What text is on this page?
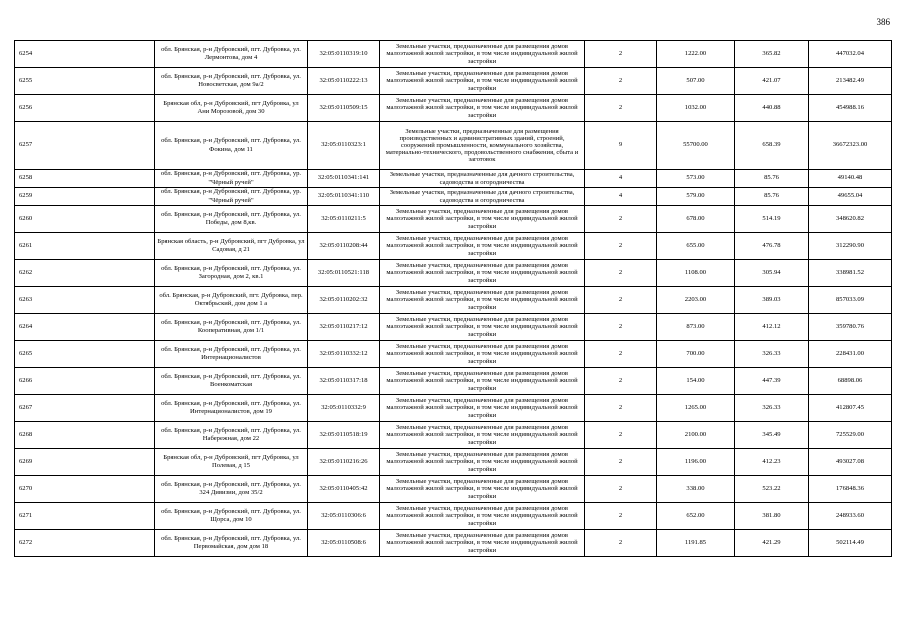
386
6254	обл. Брянская, р-н Дубровский, пгт. Дубровка, ул. Лермонтова, дом 4	32:05:0110319:10	Земельные участки, предназначенные для размещения домов малоэтажной жилой застройки, в том числе индивидуальной жилой застройки	2	1222.00	365.82	447032.04
6255	обл. Брянская, р-н Дубровский, пгт. Дубровка, ул. Новосветская, дом 9а/2	32:05:0110222:13	Земельные участки, предназначенные для размещения домов малоэтажной жилой застройки, в том числе индивидуальной жилой застройки	2	507.00	421.07	213482.49
6256	Брянская обл, р-н Дубровский, пгт Дубровка, ул Ани Морозовой, дом 30	32:05:0110509:15	Земельные участки, предназначенные для размещения домов малоэтажной жилой застройки, в том числе индивидуальной жилой застройки	2	1032.00	440.88	454988.16
6257	обл. Брянская, р-н Дубровский, пгт. Дубровка, ул. Фокина, дом 11	32:05:0110323:1	Земельные участки, предназначенные для размещения производственных и административных зданий, строений, сооружений промышленности, коммунального хозяйства, материально-технического, продовольственного снабжения, сбыта и заготовок	9	55700.00	658.39	36672323.00
6258	обл. Брянская, р-н Дубровский, пгт. Дубровка, ур. "Чёрный ручей"	32:05:0110341:141	Земельные участки, предназначенные для дачного строительства, садоводства и огородничества	4	573.00	85.76	49140.48
6259	обл. Брянская, р-н Дубровский, пгт. Дубровка, ур. "Чёрный ручей"	32:05:0110341:110	Земельные участки, предназначенные для дачного строительства, садоводства и огородничества	4	579.00	85.76	49655.04
6260	обл. Брянская, р-н Дубровский, пгт. Дубровка, ул. Победы, дом 8,кв.	32:05:0110211:5	Земельные участки, предназначенные для размещения домов малоэтажной жилой застройки, в том числе индивидуальной жилой застройки	2	678.00	514.19	348620.82
6261	Брянская область, р-н Дубровский, пгт Дубровка, ул Садовая, д 21	32:05:0110208:44	Земельные участки, предназначенные для размещения домов малоэтажной жилой застройки, в том числе индивидуальной жилой застройки	2	655.00	476.78	312290.90
6262	обл. Брянская, р-н Дубровский, пгт. Дубровка, ул. Загородная, дом 2, кв.1	32:05:0110521:118	Земельные участки, предназначенные для размещения домов малоэтажной жилой застройки, в том числе индивидуальной жилой застройки	2	1108.00	305.94	338981.52
6263	обл. Брянская, р-н Дубровский, пгт. Дубровка, пер. Октябрьский, дом дом 1 а	32:05:0110202:32	Земельные участки, предназначенные для размещения домов малоэтажной жилой застройки, в том числе индивидуальной жилой застройки	2	2203.00	389.03	857033.09
6264	обл. Брянская, р-н Дубровский, пгт. Дубровка, ул. Кооперативная, дом 1/1	32:05:0110217:12	Земельные участки, предназначенные для размещения домов малоэтажной жилой застройки, в том числе индивидуальной жилой застройки	2	873.00	412.12	359780.76
6265	обл. Брянская, р-н Дубровский, пгт. Дубровка, ул. Интернационалистов	32:05:0110332:12	Земельные участки, предназначенные для размещения домов малоэтажной жилой застройки, в том числе индивидуальной жилой застройки	2	700.00	326.33	228431.00
6266	обл. Брянская, р-н Дубровский, пгт. Дубровка, ул. Военкоматская	32:05:0110317:18	Земельные участки, предназначенные для размещения домов малоэтажной жилой застройки, в том числе индивидуальной жилой застройки	2	154.00	447.39	68898.06
6267	обл. Брянская, р-н Дубровский, пгт. Дубровка, ул. Интернационалистов, дом 19	32:05:0110332:9	Земельные участки, предназначенные для размещения домов малоэтажной жилой застройки, в том числе индивидуальной жилой застройки	2	1265.00	326.33	412807.45
6268	обл. Брянская, р-н Дубровский, пгт. Дубровка, ул. Набережная, дом 22	32:05:0110518:19	Земельные участки, предназначенные для размещения домов малоэтажной жилой застройки, в том числе индивидуальной жилой застройки	2	2100.00	345.49	725529.00
6269	Брянская обл, р-н Дубровский, пгт Дубровка, ул Полевая, д 15	32:05:0110216:26	Земельные участки, предназначенные для размещения домов малоэтажной жилой застройки, в том числе индивидуальной жилой застройки	2	1196.00	412.23	493027.08
6270	обл. Брянская, р-н Дубровский, пгт. Дубровка, ул. 324 Дивизии, дом 35/2	32:05:0110405:42	Земельные участки, предназначенные для размещения домов малоэтажной жилой застройки, в том числе индивидуальной жилой застройки	2	338.00	523.22	176848.36
6271	обл. Брянская, р-н Дубровский, пгт. Дубровка, ул. Щорса, дом 10	32:05:0110306:6	Земельные участки, предназначенные для размещения домов малоэтажной жилой застройки, в том числе индивидуальной жилой застройки	2	652.00	381.80	248933.60
6272	обл. Брянская, р-н Дубровский, пгт. Дубровка, ул. Первомайская, дом дом 18	32:05:0110508:6	Земельные участки, предназначенные для размещения домов малоэтажной жилой застройки, в том числе индивидуальной жилой застройки	2	1191.85	421.29	502114.49
